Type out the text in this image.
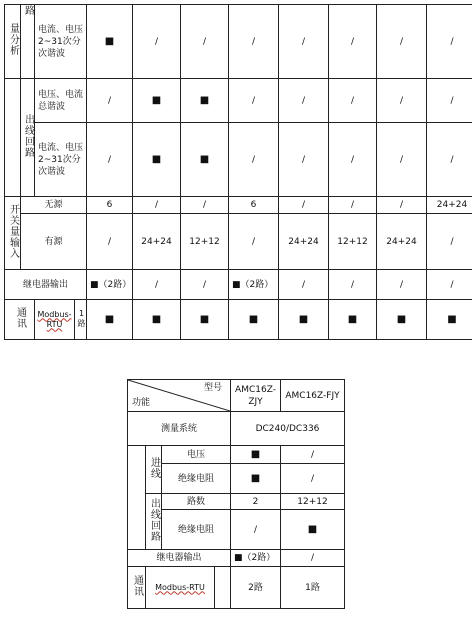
量分析	路	电流、电压 2~31次分次谐波		■	/	/	/	/	/	/	/
	出线回路	电压、电流总谐波		/	■	■	/	/	/	/	/
		电流、电压 2~31次分次谐波		/	■	■	/	/	/	/	/
开关量输入	无源			6	/	/	6	/	/	/	24+24
	有源			/	24+24	12+12	/	24+24	12+12	24+24	/
继电器输出				■（2路）	/	/	■（2路）	/	/	/	/
通讯		Modbus-RTU	1路	■	■	■	■	■	■	■	■
型号
功能				AMC16Z-ZJY	AMC16Z-FJY
测量系统				DC240/DC336	
	进线	电压		■	/
		绝缘电阻		■	/
	出线回路	路数		2	12+12
		绝缘电阻		/	■
继电器输出				■（2路）	/
通讯	Modbus-RTU			2路	1路
